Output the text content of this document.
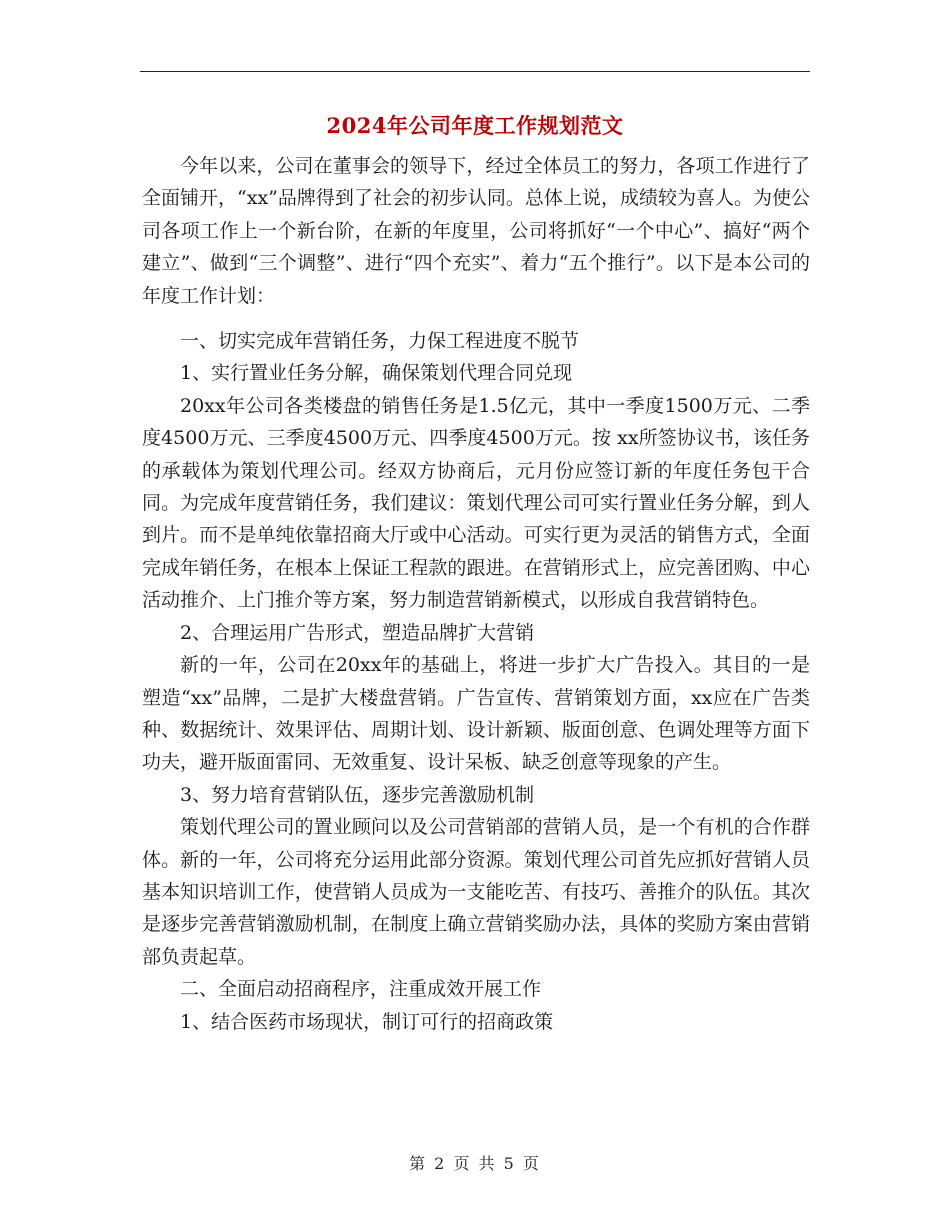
2024年公司年度工作规划范文

今年以来，公司在董事会的领导下，经过全体员工的努力，各项工作进行了全面铺开，“xx”品牌得到了社会的初步认同。总体上说，成绩较为喜人。为使公司各项工作上一个新台阶，在新的年度里，公司将抓好“一个中心”、搞好“两个建立”、做到“三个调整”、进行“四个充实”、着力“五个推行”。以下是本公司的年度工作计划：

一、切实完成年营销任务，力保工程进度不脱节

1、实行置业任务分解，确保策划代理合同兑现

20xx年公司各类楼盘的销售任务是1.5亿元，其中一季度1500万元、二季度4500万元、三季度4500万元、四季度4500万元。按 xx所签协议书，该任务的承载体为策划代理公司。经双方协商后，元月份应签订新的年度任务包干合同。为完成年度营销任务，我们建议：策划代理公司可实行置业任务分解，到人到片。而不是单纯依靠招商大厅或中心活动。可实行更为灵活的销售方式，全面完成年销任务，在根本上保证工程款的跟进。在营销形式上，应完善团购、中心活动推介、上门推介等方案，努力制造营销新模式，以形成自我营销特色。

2、合理运用广告形式，塑造品牌扩大营销

新的一年，公司在20xx年的基础上，将进一步扩大广告投入。其目的一是塑造“xx”品牌，二是扩大楼盘营销。广告宣传、营销策划方面，xx应在广告类种、数据统计、效果评估、周期计划、设计新颖、版面创意、色调处理等方面下功夫，避开版面雷同、无效重复、设计呆板、缺乏创意等现象的产生。

3、努力培育营销队伍，逐步完善激励机制

策划代理公司的置业顾问以及公司营销部的营销人员，是一个有机的合作群体。新的一年，公司将充分运用此部分资源。策划代理公司首先应抓好营销人员基本知识培训工作，使营销人员成为一支能吃苦、有技巧、善推介的队伍。其次是逐步完善营销激励机制，在制度上确立营销奖励办法，具体的奖励方案由营销部负责起草。

二、全面启动招商程序，注重成效开展工作

1、结合医药市场现状，制订可行的招商政策

第 2 页 共 5 页
